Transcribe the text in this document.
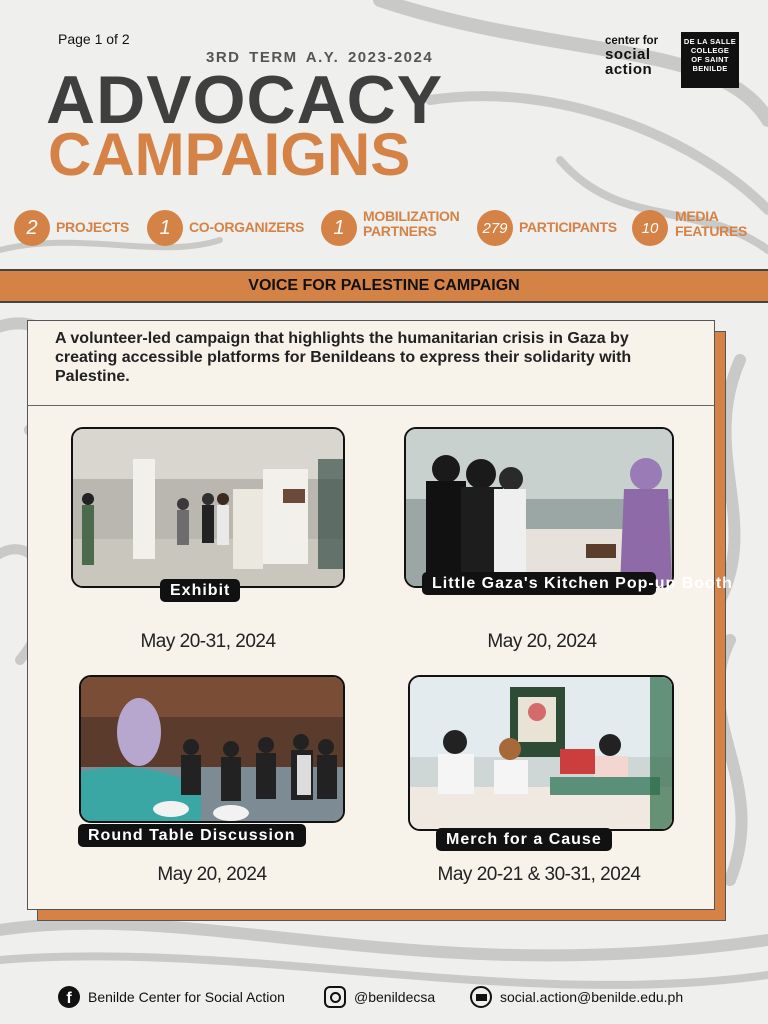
Page 1 of 2
3RD TERM A.Y. 2023-2024
ADVOCACY
CAMPAIGNS
center for
social
action
DE LA SALLE
COLLEGE
OF SAINT
BENILDE
2	PROJECTS	1	CO-ORGANIZERS	1
MOBILIZATION PARTNERS	279 PARTICIPANTS	10
MEDIA FEATURES
VOICE FOR PALESTINE CAMPAIGN
A volunteer-led campaign that highlights the humanitarian crisis in Gaza by creating accessible platforms for Benildeans to express their solidarity with Palestine.
Exhibit
May 20-31, 2024
Little Gaza's Kitchen Pop-up Booth
May 20, 2024
Round Table Discussion
May 20, 2024
Merch for a Cause
May 20-21 & 30-31, 2024
f	Benilde Center for Social Action	@benildecsa	social.action@benilde.edu.ph
